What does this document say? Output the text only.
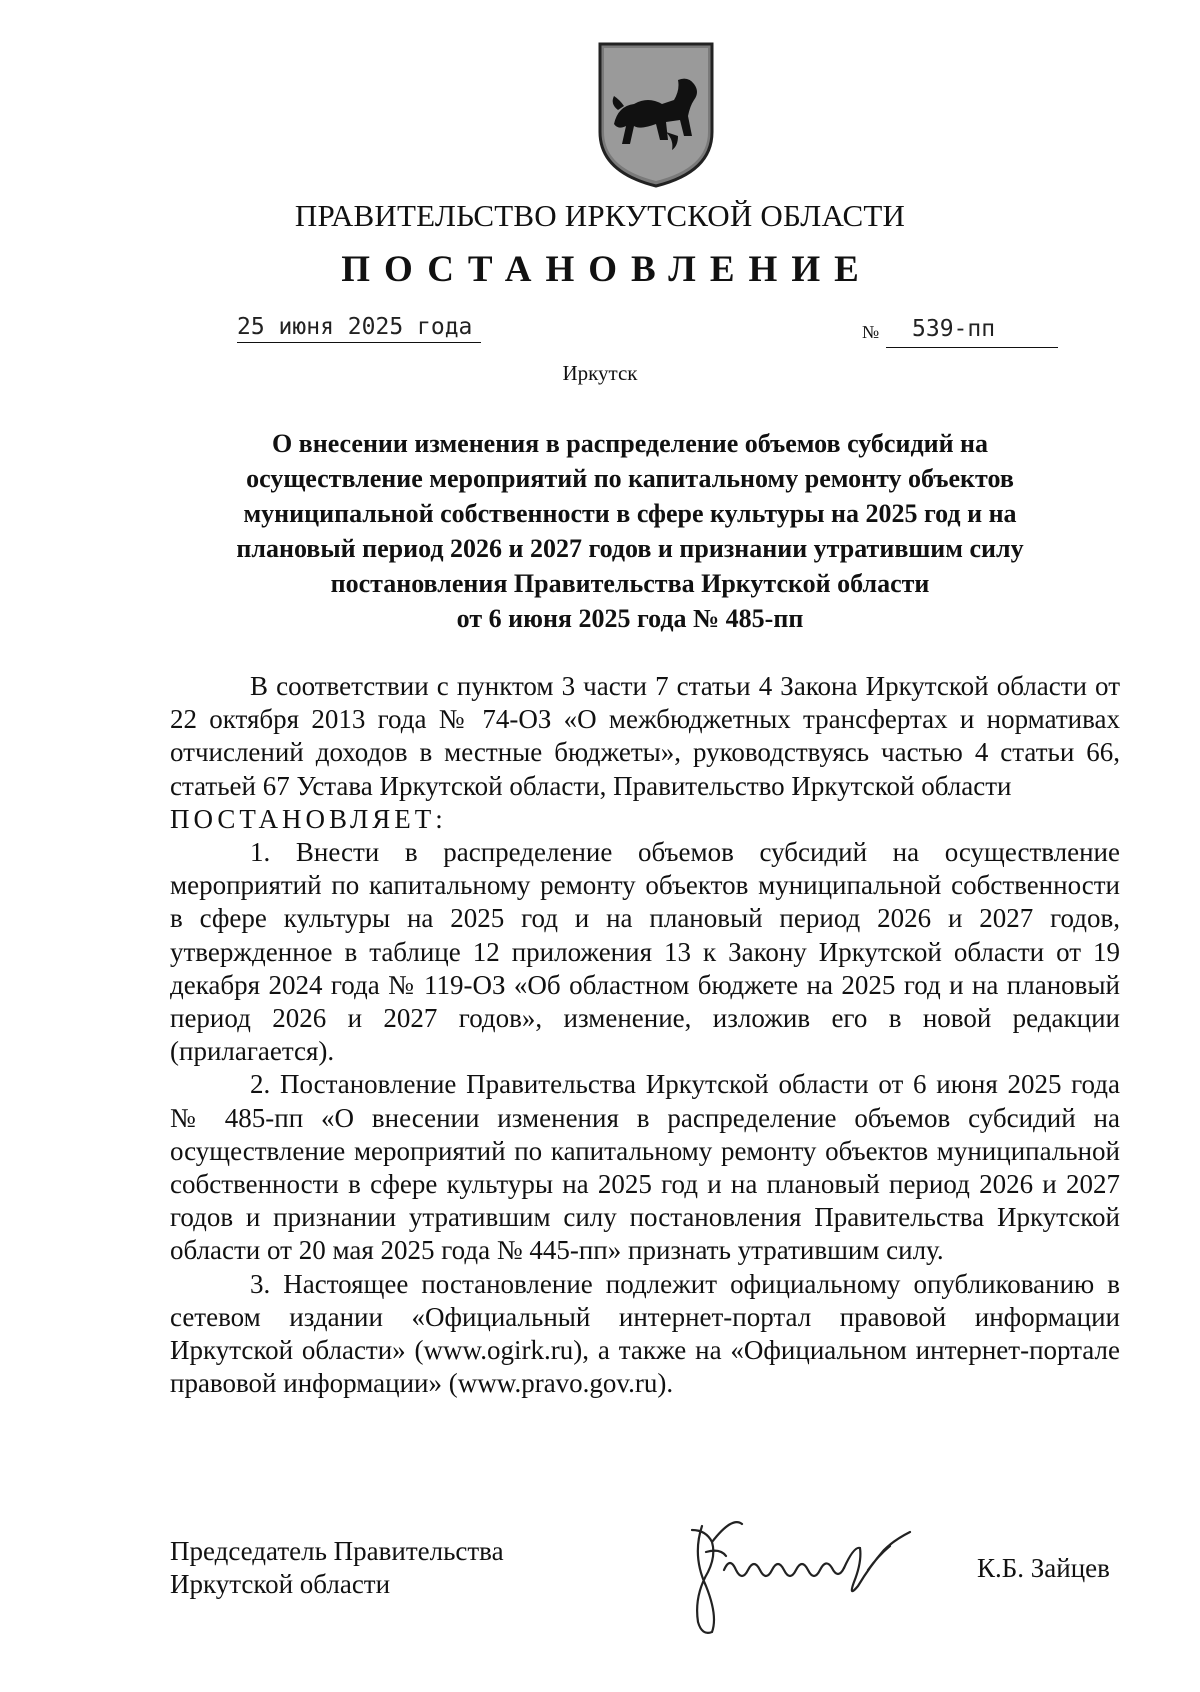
ПРАВИТЕЛЬСТВО ИРКУТСКОЙ ОБЛАСТИ
ПОСТАНОВЛЕНИЕ
25 июня 2025 года	№ 539-пп
Иркутск
О внесении изменения в распределение объемов субсидий на
осуществление мероприятий по капитальному ремонту объектов
муниципальной собственности в сфере культуры на 2025 год и на
плановый период 2026 и 2027 годов и признании утратившим силу
постановления Правительства Иркутской области
от 6 июня 2025 года № 485-пп

В соответствии с пунктом 3 части 7 статьи 4 Закона Иркутской области от 22 октября 2013 года № 74-ОЗ «О межбюджетных трансфертах и нормативах отчислений доходов в местные бюджеты», руководствуясь частью 4 статьи 66, статьей 67 Устава Иркутской области, Правительство Иркутской области

ПОСТАНОВЛЯЕТ:

1. Внести в распределение объемов субсидий на осуществление мероприятий по капитальному ремонту объектов муниципальной собственности в сфере культуры на 2025 год и на плановый период 2026 и 2027 годов, утвержденное в таблице 12 приложения 13 к Закону Иркутской области от 19 декабря 2024 года № 119-ОЗ «Об областном бюджете на 2025 год и на плановый период 2026 и 2027 годов», изменение, изложив его в новой редакции (прилагается).

2. Постановление Правительства Иркутской области от 6 июня 2025 года № 485-пп «О внесении изменения в распределение объемов субсидий на осуществление мероприятий по капитальному ремонту объектов муниципальной собственности в сфере культуры на 2025 год и на плановый период 2026 и 2027 годов и признании утратившим силу постановления Правительства Иркутской области от 20 мая 2025 года № 445-пп» признать утратившим силу.

3. Настоящее постановление подлежит официальному опубликованию в сетевом издании «Официальный интернет-портал правовой информации Иркутской области» (www.ogirk.ru), а также на «Официальном интернет-портале правовой информации» (www.pravo.gov.ru).

Председатель Правительства
Иркутской области
К.Б. Зайцев
